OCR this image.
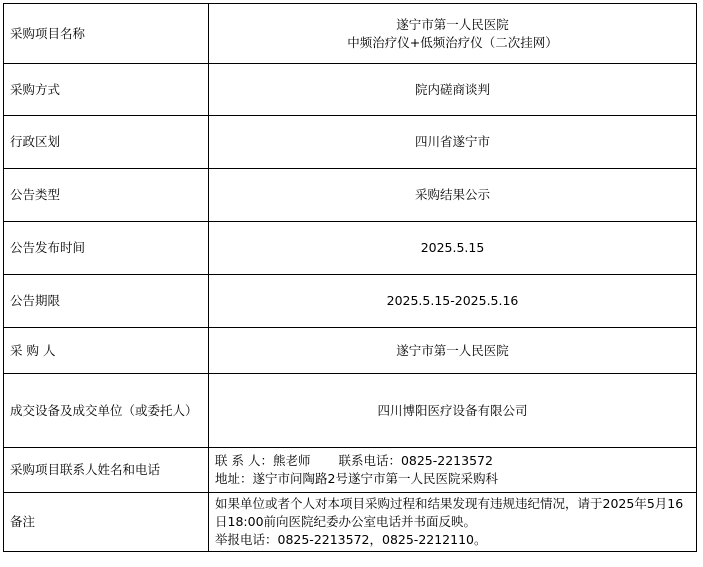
采购项目名称	遂宁市第一人民医院
中频治疗仪+低频治疗仪（二次挂网）

采购方式	院内磋商谈判
行政区划	四川省遂宁市
公告类型	采购结果公示
公告发布时间	2025.5.15
公告期限	2025.5.15-2025.5.16
采 购 人	遂宁市第一人民医院

成交设备及成交单位（或委托人）	四川博阳医疗设备有限公司
采购项目联系人姓名和电话	联 系 人：熊老师 联系电话：0825-2213572
地址：遂宁市问陶路2号遂宁市第一人民医院采购科

备注	如果单位或者个人对本项目采购过程和结果发现有违规违纪情况，请于2025年5月16日18:00前向医院纪委办公室电话并书面反映。
举报电话：0825-2213572，0825-2212110。
